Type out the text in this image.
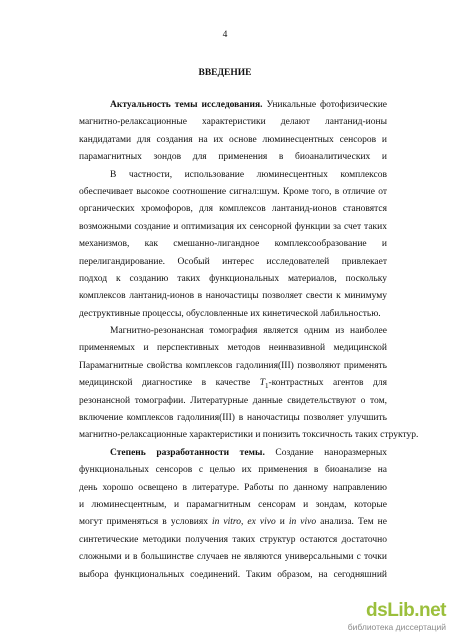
4
ВВЕДЕНИЕ
Актуальность темы исследования. Уникальные фотофизические
магнитно-релаксационные характеристики делают лантанид-ионы
кандидатами для создания на их основе люминесцентных сенсоров и
парамагнитных зондов для применения в биоаналитических и
В частности, использование люминесцентных комплексов
обеспечивает высокое соотношение сигнал:шум. Кроме того, в отличие от
органических хромофоров, для комплексов лантанид-ионов становятся
возможными создание и оптимизация их сенсорной функции за счет таких
механизмов, как смешанно-лигандное комплексообразование и
перелигандирование. Особый интерес исследователей привлекает
подход к созданию таких функциональных материалов, поскольку
комплексов лантанид-ионов в наночастицы позволяет свести к минимуму
деструктивные процессы, обусловленные их кинетической лабильностью.
Магнитно-резонансная томография является одним из наиболее
применяемых и перспективных методов неинвазивной медицинской
Парамагнитные свойства комплексов гадолиния(III) позволяют применять
медицинской диагностике в качестве $T_1$-контрастных агентов для
резонансной томографии. Литературные данные свидетельствуют о том,
включение комплексов гадолиния(III) в наночастицы позволяет улучшить
магнитно-релаксационные характеристики и понизить токсичность таких структур.
Степень разработанности темы. Создание наноразмерных
функциональных сенсоров с целью их применения в биоанализе на
день хорошо освещено в литературе. Работы по данному направлению
и люминесцентным, и парамагнитным сенсорам и зондам, которые
могут применяться в условиях in vitro, ex vivo и in vivo анализа. Тем не
синтетические методики получения таких структур остаются достаточно
сложными и в большинстве случаев не являются универсальными с точки
выбора функциональных соединений. Таким образом, на сегодняшний
dsLib.net
библиотека диссертаций
